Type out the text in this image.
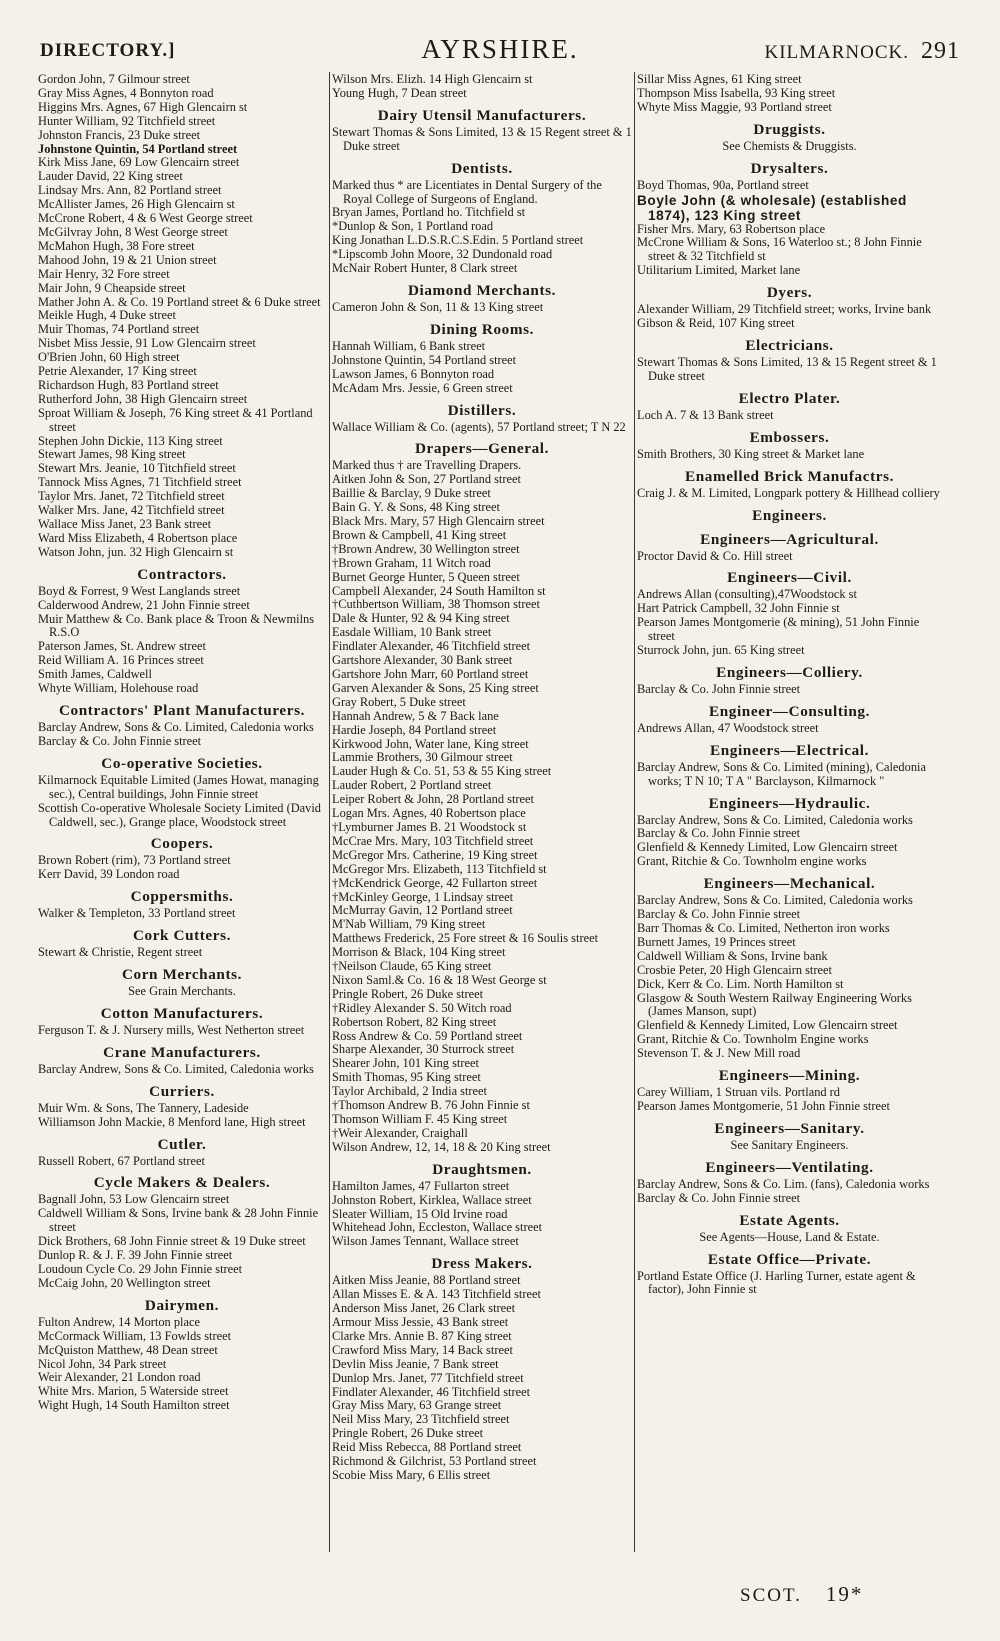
DIRECTORY.]	AYRSHIRE.	KILMARNOCK. 291
Gordon John, 7 Gilmour street
Gray Miss Agnes, 4 Bonnyton road
Higgins Mrs. Agnes, 67 High Glencairn st
Hunter William, 92 Titchfield street
Johnston Francis, 23 Duke street
Johnstone Quintin, 54 Portland street
Kirk Miss Jane, 69 Low Glencairn street
Lauder David, 22 King street
Lindsay Mrs. Ann, 82 Portland street
McAllister James, 26 High Glencairn st
McCrone Robert, 4 & 6 West George street
McGilvray John, 8 West George street
McMahon Hugh, 38 Fore street
Mahood John, 19 & 21 Union street
Mair Henry, 32 Fore street
Mair John, 9 Cheapside street
Mather John A. & Co. 19 Portland street & 6 Duke street
Meikle Hugh, 4 Duke street
Muir Thomas, 74 Portland street
Nisbet Miss Jessie, 91 Low Glencairn street
O'Brien John, 60 High street
Petrie Alexander, 17 King street
Richardson Hugh, 83 Portland street
Rutherford John, 38 High Glencairn street
Sproat William & Joseph, 76 King street & 41 Portland street
Stephen John Dickie, 113 King street
Stewart James, 98 King street
Stewart Mrs. Jeanie, 10 Titchfield street
Tannock Miss Agnes, 71 Titchfield street
Taylor Mrs. Janet, 72 Titchfield street
Walker Mrs. Jane, 42 Titchfield street
Wallace Miss Janet, 23 Bank street
Ward Miss Elizabeth, 4 Robertson place
Watson John, jun. 32 High Glencairn st
Contractors.
Boyd & Forrest, 9 West Langlands street
Calderwood Andrew, 21 John Finnie street
Muir Matthew & Co. Bank place & Troon & Newmilns R.S.O
Paterson James, St. Andrew street
Reid William A. 16 Princes street
Smith James, Caldwell
Whyte William, Holehouse road
Contractors' Plant Manufacturers.
Barclay Andrew, Sons & Co. Limited, Caledonia works
Barclay & Co. John Finnie street
Co-operative Societies.
Kilmarnock Equitable Limited (James Howat, managing sec.), Central buildings, John Finnie street
Scottish Co-operative Wholesale Society Limited (David Caldwell, sec.), Grange place, Woodstock street
Coopers.
Brown Robert (rim), 73 Portland street
Kerr David, 39 London road
Coppersmiths.
Walker & Templeton, 33 Portland street
Cork Cutters.
Stewart & Christie, Regent street
Corn Merchants.
See Grain Merchants.
Cotton Manufacturers.
Ferguson T. & J. Nursery mills, West Netherton street
Crane Manufacturers.
Barclay Andrew, Sons & Co. Limited, Caledonia works
Curriers.
Muir Wm. & Sons, The Tannery, Ladeside
Williamson John Mackie, 8 Menford lane, High street
Cutler.
Russell Robert, 67 Portland street
Cycle Makers & Dealers.
Bagnall John, 53 Low Glencairn street
Caldwell William & Sons, Irvine bank & 28 John Finnie street
Dick Brothers, 68 John Finnie street & 19 Duke street
Dunlop R. & J. F. 39 John Finnie street
Loudoun Cycle Co. 29 John Finnie street
McCaig John, 20 Wellington street
Dairymen.
Fulton Andrew, 14 Morton place
McCormack William, 13 Fowlds street
McQuiston Matthew, 48 Dean street
Nicol John, 34 Park street
Weir Alexander, 21 London road
White Mrs. Marion, 5 Waterside street
Wight Hugh, 14 South Hamilton street
Wilson Mrs. Elizh. 14 High Glencairn st
Young Hugh, 7 Dean street
Dairy Utensil Manufacturers.
Stewart Thomas & Sons Limited, 13 & 15 Regent street & 1 Duke street
Dentists.
Marked thus * are Licentiates in Dental Surgery of the Royal College of Surgeons of England.
Bryan James, Portland ho. Titchfield st
*Dunlop & Son, 1 Portland road
King Jonathan L.D.S.R.C.S.Edin. 5 Portland street
*Lipscomb John Moore, 32 Dundonald road
McNair Robert Hunter, 8 Clark street
Diamond Merchants.
Cameron John & Son, 11 & 13 King street
Dining Rooms.
Hannah William, 6 Bank street
Johnstone Quintin, 54 Portland street
Lawson James, 6 Bonnyton road
McAdam Mrs. Jessie, 6 Green street
Distillers.
Wallace William & Co. (agents), 57 Portland street; T N 22
Drapers—General.
Marked thus † are Travelling Drapers.
Aitken John & Son, 27 Portland street
Baillie & Barclay, 9 Duke street
Bain G. Y. & Sons, 48 King street
Black Mrs. Mary, 57 High Glencairn street
Brown & Campbell, 41 King street
†Brown Andrew, 30 Wellington street
†Brown Graham, 11 Witch road
Burnet George Hunter, 5 Queen street
Campbell Alexander, 24 South Hamilton st
†Cuthbertson William, 38 Thomson street
Dale & Hunter, 92 & 94 King street
Easdale William, 10 Bank street
Findlater Alexander, 46 Titchfield street
Gartshore Alexander, 30 Bank street
Gartshore John Marr, 60 Portland street
Garven Alexander & Sons, 25 King street
Gray Robert, 5 Duke street
Hannah Andrew, 5 & 7 Back lane
Hardie Joseph, 84 Portland street
Kirkwood John, Water lane, King street
Lammie Brothers, 30 Gilmour street
Lauder Hugh & Co. 51, 53 & 55 King street
Lauder Robert, 2 Portland street
Leiper Robert & John, 28 Portland street
Logan Mrs. Agnes, 40 Robertson place
†Lymburner James B. 21 Woodstock st
McCrae Mrs. Mary, 103 Titchfield street
McGregor Mrs. Catherine, 19 King street
McGregor Mrs. Elizabeth, 113 Titchfield st
†McKendrick George, 42 Fullarton street
†McKinley George, 1 Lindsay street
McMurray Gavin, 12 Portland street
M'Nab William, 79 King street
Matthews Frederick, 25 Fore street & 16 Soulis street
Morrison & Black, 104 King street
†Neilson Claude, 65 King street
Nixon Saml.& Co. 16 & 18 West George st
Pringle Robert, 26 Duke street
†Ridley Alexander S. 50 Witch road
Robertson Robert, 82 King street
Ross Andrew & Co. 59 Portland street
Sharpe Alexander, 30 Sturrock street
Shearer John, 101 King street
Smith Thomas, 95 King street
Taylor Archibald, 2 India street
†Thomson Andrew B. 76 John Finnie st
Thomson William F. 45 King street
†Weir Alexander, Craighall
Wilson Andrew, 12, 14, 18 & 20 King street
Draughtsmen.
Hamilton James, 47 Fullarton street
Johnston Robert, Kirklea, Wallace street
Sleater William, 15 Old Irvine road
Whitehead John, Eccleston, Wallace street
Wilson James Tennant, Wallace street
Dress Makers.
Aitken Miss Jeanie, 88 Portland street
Allan Misses E. & A. 143 Titchfield street
Anderson Miss Janet, 26 Clark street
Armour Miss Jessie, 43 Bank street
Clarke Mrs. Annie B. 87 King street
Crawford Miss Mary, 14 Back street
Devlin Miss Jeanie, 7 Bank street
Dunlop Mrs. Janet, 77 Titchfield street
Findlater Alexander, 46 Titchfield street
Gray Miss Mary, 63 Grange street
Neil Miss Mary, 23 Titchfield street
Pringle Robert, 26 Duke street
Reid Miss Rebecca, 88 Portland street
Richmond & Gilchrist, 53 Portland street
Scobie Miss Mary, 6 Ellis street
Sillar Miss Agnes, 61 King street
Thompson Miss Isabella, 93 King street
Whyte Miss Maggie, 93 Portland street
Druggists.
See Chemists & Druggists.
Drysalters.
Boyd Thomas, 90a, Portland street
Boyle John (& wholesale) (established 1874), 123 King street
Fisher Mrs. Mary, 63 Robertson place
McCrone William & Sons, 16 Waterloo st.; 8 John Finnie street & 32 Titchfield st
Utilitarium Limited, Market lane
Dyers.
Alexander William, 29 Titchfield street; works, Irvine bank
Gibson & Reid, 107 King street
Electricians.
Stewart Thomas & Sons Limited, 13 & 15 Regent street & 1 Duke street
Electro Plater.
Loch A. 7 & 13 Bank street
Embossers.
Smith Brothers, 30 King street & Market lane
Enamelled Brick Manufactrs.
Craig J. & M. Limited, Longpark pottery & Hillhead colliery
Engineers.
Engineers—Agricultural.
Proctor David & Co. Hill street
Engineers—Civil.
Andrews Allan (consulting),47Woodstock st
Hart Patrick Campbell, 32 John Finnie st
Pearson James Montgomerie (& mining), 51 John Finnie street
Sturrock John, jun. 65 King street
Engineers—Colliery.
Barclay & Co. John Finnie street
Engineer—Consulting.
Andrews Allan, 47 Woodstock street
Engineers—Electrical.
Barclay Andrew, Sons & Co. Limited (mining), Caledonia works; T N 10; T A " Barclayson, Kilmarnock "
Engineers—Hydraulic.
Barclay Andrew, Sons & Co. Limited, Caledonia works
Barclay & Co. John Finnie street
Glenfield & Kennedy Limited, Low Glencairn street
Grant, Ritchie & Co. Townholm engine works
Engineers—Mechanical.
Barclay Andrew, Sons & Co. Limited, Caledonia works
Barclay & Co. John Finnie street
Barr Thomas & Co. Limited, Netherton iron works
Burnett James, 19 Princes street
Caldwell William & Sons, Irvine bank
Crosbie Peter, 20 High Glencairn street
Dick, Kerr & Co. Lim. North Hamilton st
Glasgow & South Western Railway Engineering Works (James Manson, supt)
Glenfield & Kennedy Limited, Low Glencairn street
Grant, Ritchie & Co. Townholm Engine works
Stevenson T. & J. New Mill road
Engineers—Mining.
Carey William, 1 Struan vils. Portland rd
Pearson James Montgomerie, 51 John Finnie street
Engineers—Sanitary.
See Sanitary Engineers.
Engineers—Ventilating.
Barclay Andrew, Sons & Co. Lim. (fans), Caledonia works
Barclay & Co. John Finnie street
Estate Agents.
See Agents—House, Land & Estate.
Estate Office—Private.
Portland Estate Office (J. Harling Turner, estate agent & factor), John Finnie st
SCOT. 19*
